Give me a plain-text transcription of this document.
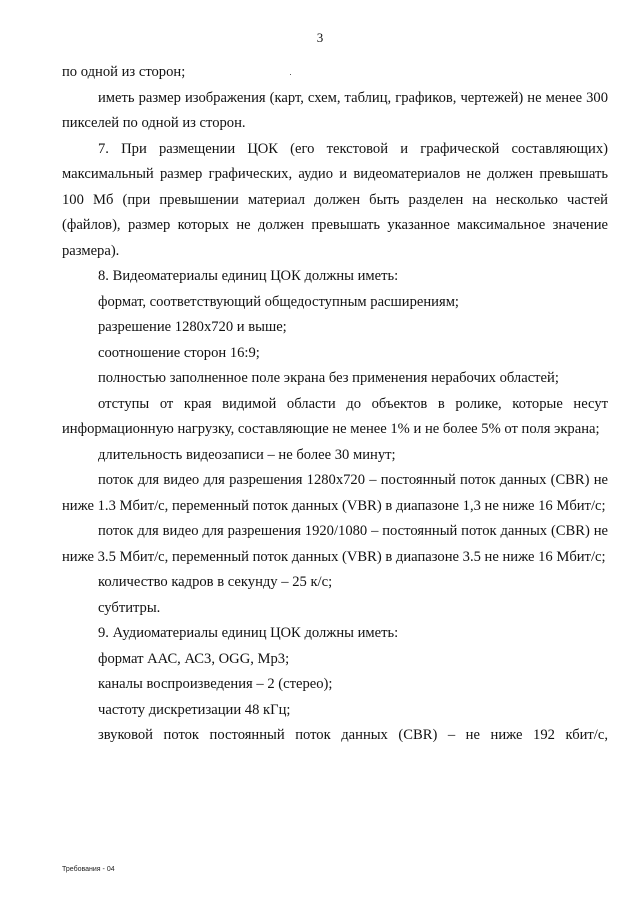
3

по одной из сторон;

иметь размер изображения (карт, схем, таблиц, графиков, чертежей) не менее 300 пикселей по одной из сторон.

7. При размещении ЦОК (его текстовой и графической составляющих) максимальный размер графических, аудио и видеоматериалов не должен превышать 100 Мб (при превышении материал должен быть разделен на несколько частей (файлов), размер которых не должен превышать указанное максимальное значение размера).

8. Видеоматериалы единиц ЦОК должны иметь:

формат, соответствующий общедоступным расширениям;

разрешение 1280х720 и выше;

соотношение сторон 16:9;

полностью заполненное поле экрана без применения нерабочих областей;

отступы от края видимой области до объектов в ролике, которые несут информационную нагрузку, составляющие не менее 1% и не более 5% от поля экрана;

длительность видеозаписи – не более 30 минут;

поток для видео для разрешения 1280х720 – постоянный поток данных (CBR) не ниже 1.3 Мбит/с, переменный поток данных (VBR) в диапазоне 1,3 не ниже 16 Мбит/с;

поток для видео для разрешения 1920/1080 – постоянный поток данных (CBR) не ниже 3.5 Мбит/с, переменный поток данных (VBR) в диапазоне 3.5 не ниже 16 Мбит/с;

количество кадров в секунду – 25 к/с;

субтитры.

9. Аудиоматериалы единиц ЦОК должны иметь:

формат ААС, АС3, OGG, Mp3;

каналы воспроизведения – 2 (стерео);

частоту дискретизации 48 кГц;

звуковой поток постоянный поток данных (CBR) – не ниже 192 кбит/с,

Требования - 04
